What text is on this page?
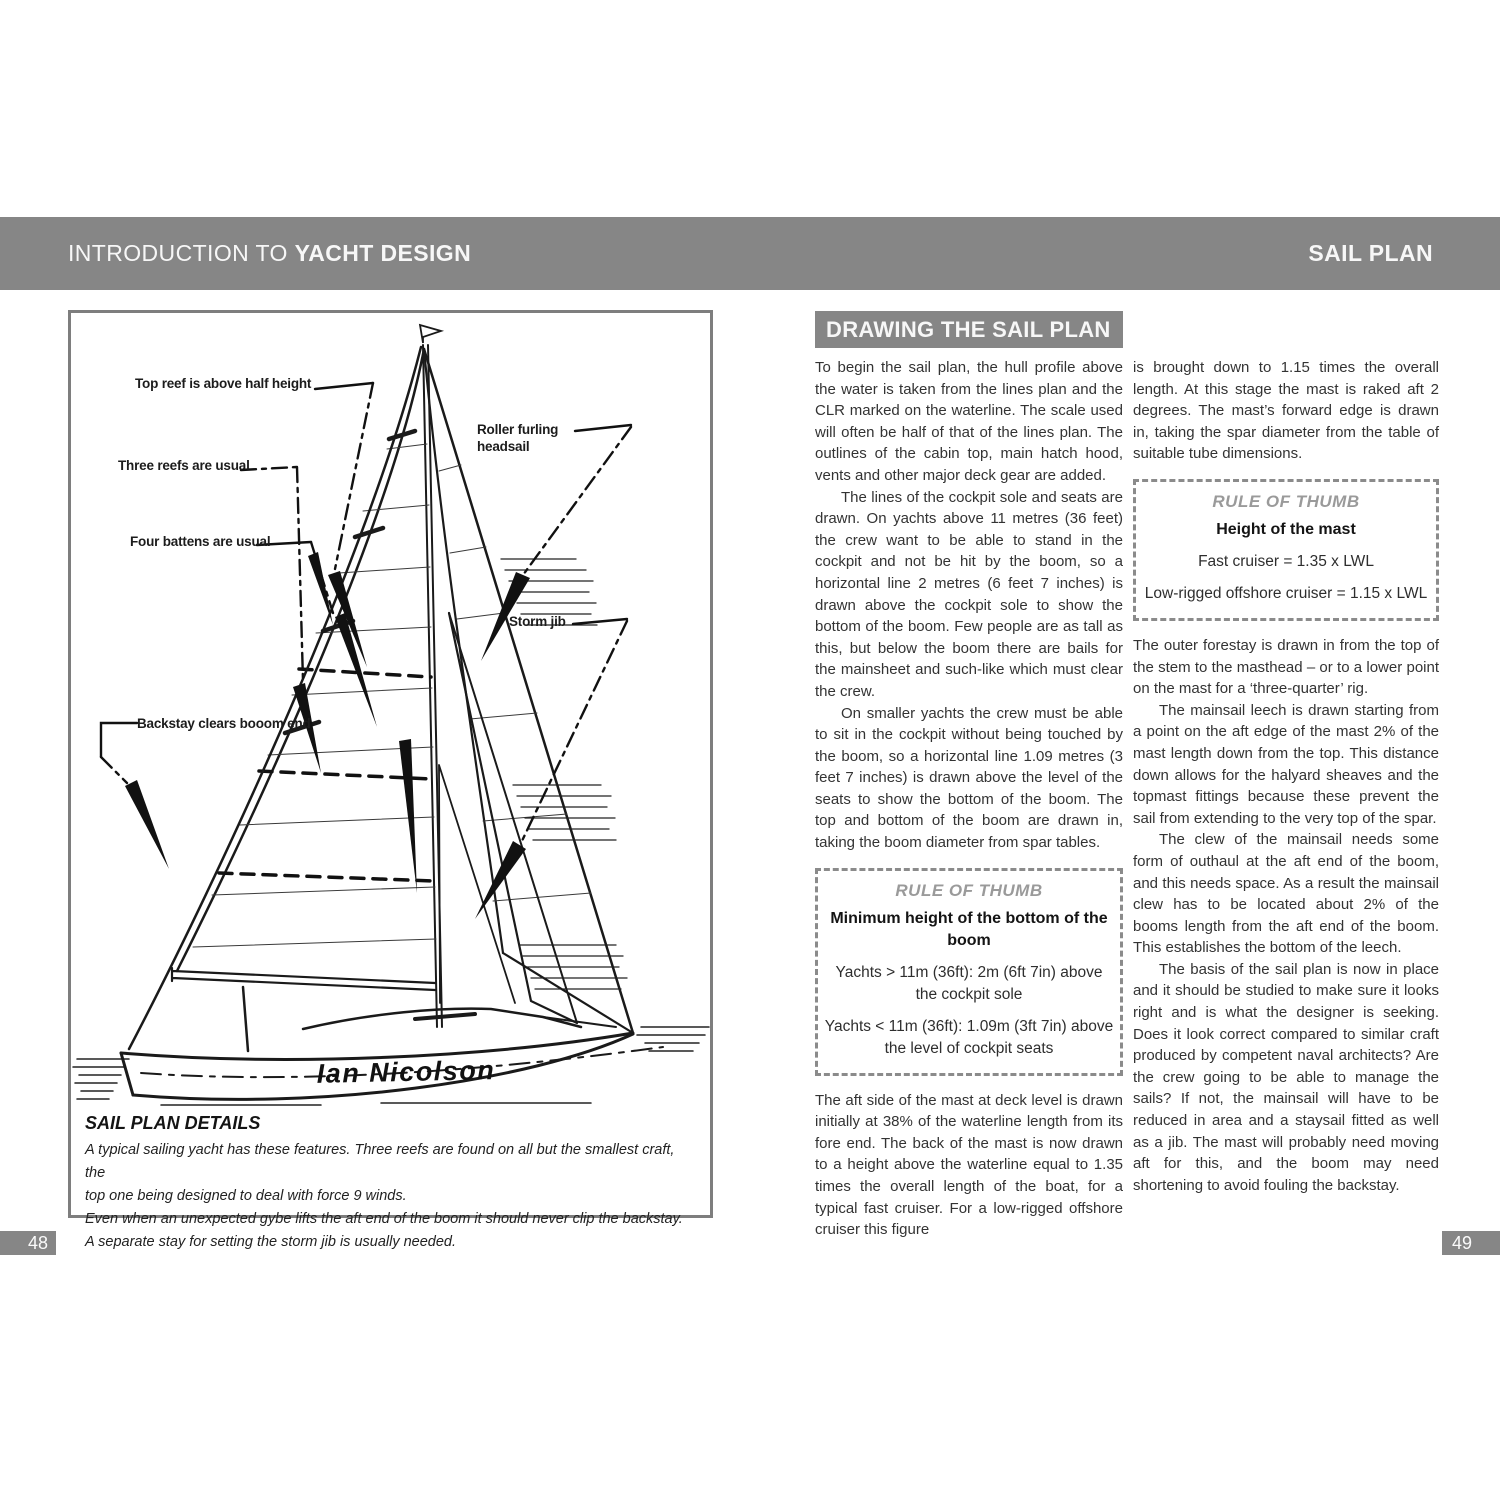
INTRODUCTION TO YACHT DESIGN	SAIL PLAN
Top reef is above half height
Three reefs are usual
Four battens are usual
Roller furling headsail
Storm jib
Backstay clears booom end
Ian Nicolson
SAIL PLAN DETAILS
A typical sailing yacht has these features. Three reefs are found on all but the smallest craft, the
top one being designed to deal with force 9 winds.
Even when an unexpected gybe lifts the aft end of the boom it should never clip the backstay.
A separate stay for setting the storm jib is usually needed.
DRAWING THE SAIL PLAN

To begin the sail plan, the hull profile above the water is taken from the lines plan and the CLR marked on the waterline. The scale used will often be half of that of the lines plan. The outlines of the cabin top, main hatch hood, vents and other major deck gear are added.

The lines of the cockpit sole and seats are drawn. On yachts above 11 metres (36 feet) the crew want to be able to stand in the cockpit and not be hit by the boom, so a horizontal line 2 metres (6 feet 7 inches) is drawn above the cockpit sole to show the bottom of the boom. Few people are as tall as this, but below the boom there are bails for the mainsheet and such-like which must clear the crew.

On smaller yachts the crew must be able to sit in the cockpit without being touched by the boom, so a horizontal line 1.09 metres (3 feet 7 inches) is drawn above the level of the seats to show the bottom of the boom. The top and bottom of the boom are drawn in, taking the boom diameter from spar tables.

RULE OF THUMB
Minimum height of the bottom of the boom
Yachts > 11m (36ft): 2m (6ft 7in) above the cockpit sole
Yachts < 11m (36ft): 1.09m (3ft 7in) above the level of cockpit seats

The aft side of the mast at deck level is drawn initially at 38% of the waterline length from its fore end. The back of the mast is now drawn to a height above the waterline equal to 1.35 times the overall length of the boat, for a typical fast cruiser. For a low-rigged offshore cruiser this figure

is brought down to 1.15 times the overall length. At this stage the mast is raked aft 2 degrees. The mast’s forward edge is drawn in, taking the spar diameter from the table of suitable tube dimensions.

RULE OF THUMB
Height of the mast
Fast cruiser = 1.35 x LWL
Low-rigged offshore cruiser = 1.15 x LWL

The outer forestay is drawn in from the top of the stem to the masthead – or to a lower point on the mast for a ‘three-quarter’ rig.

The mainsail leech is drawn starting from a point on the aft edge of the mast 2% of the mast length down from the top. This distance down allows for the halyard sheaves and the topmast fittings because these prevent the sail from extending to the very top of the spar.

The clew of the mainsail needs some form of outhaul at the aft end of the boom, and this needs space. As a result the mainsail clew has to be located about 2% of the booms length from the aft end of the boom. This establishes the bottom of the leech.

The basis of the sail plan is now in place and it should be studied to make sure it looks right and is what the designer is seeking. Does it look correct compared to similar craft produced by competent naval architects? Are the crew going to be able to manage the sails? If not, the mainsail will have to be reduced in area and a staysail fitted as well as a jib. The mast will probably need moving aft for this, and the boom may need shortening to avoid fouling the backstay.

48	49
